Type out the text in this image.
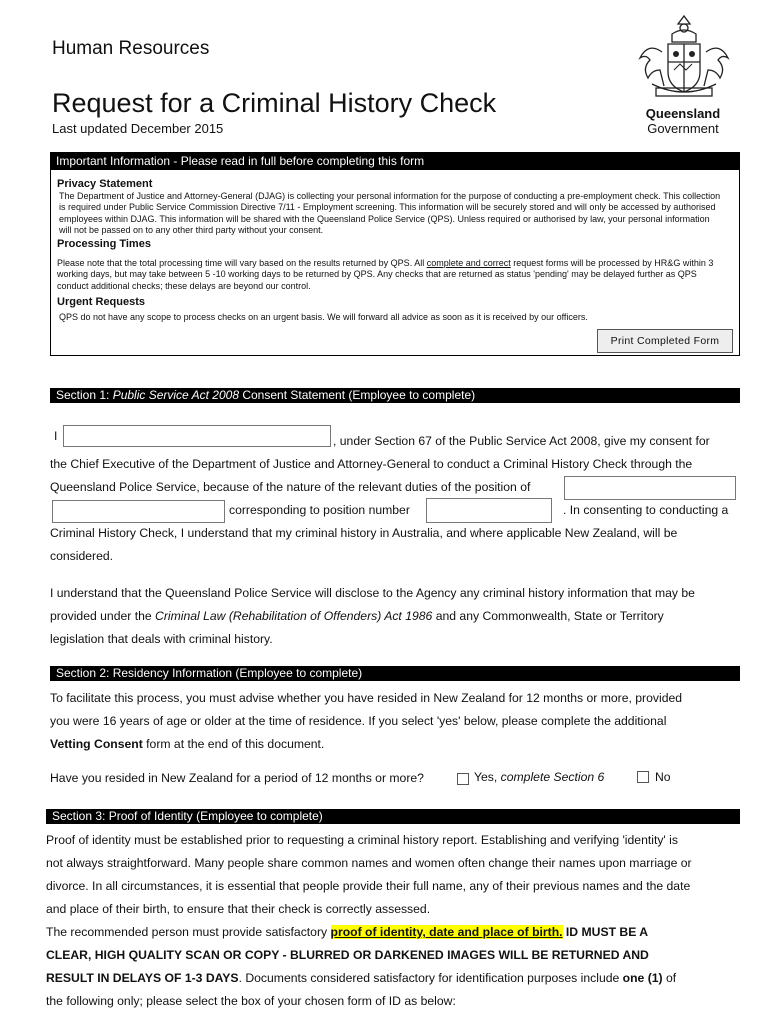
Human Resources
Request for a Criminal History Check
Last updated December 2015
Queensland
Government
Important Information - Please read in full before completing this form
Privacy Statement
The Department of Justice and Attorney-General (DJAG) is collecting your personal information for the purpose of conducting a pre-employment check. This collection is required under Public Service Commission Directive 7/11 - Employment screening. This information will be securely stored and will only be accessed by authorised employees within DJAG. This information will be shared with the Queensland Police Service (QPS). Unless required or authorised by law, your personal information will not be passed on to any other third party without your consent.
Processing Times
Please note that the total processing time will vary based on the results returned by QPS. All complete and correct request forms will be processed by HR&G within 3 working days, but may take between 5 -10 working days to be returned by QPS. Any checks that are returned as status 'pending' may be delayed further as QPS conduct additional checks; these delays are beyond our control.
Urgent Requests
QPS do not have any scope to process checks on an urgent basis. We will forward all advice as soon as it is received by our officers.
Print Completed Form
Section 1: Public Service Act 2008 Consent Statement (Employee to complete)
I	, under Section 67 of the Public Service Act 2008, give my consent for
the Chief Executive of the Department of Justice and Attorney-General to conduct a Criminal History Check through the
Queensland Police Service, because of the nature of the relevant duties of the position of
corresponding to position number	. In consenting to conducting a
Criminal History Check, I understand that my criminal history in Australia, and where applicable New Zealand, will be
considered.
I understand that the Queensland Police Service will disclose to the Agency any criminal history information that may be
provided under the Criminal Law (Rehabilitation of Offenders) Act 1986 and any Commonwealth, State or Territory
legislation that deals with criminal history.
Section 2: Residency Information (Employee to complete)
To facilitate this process, you must advise whether you have resided in New Zealand for 12 months or more, provided
you were 16 years of age or older at the time of residence. If you select 'yes' below, please complete the additional
Vetting Consent form at the end of this document.
Have you resided in New Zealand for a period of 12 months or more?	Yes, complete Section 6	No
Section 3: Proof of Identity (Employee to complete)
Proof of identity must be established prior to requesting a criminal history report. Establishing and verifying 'identity' is
not always straightforward. Many people share common names and women often change their names upon marriage or
divorce. In all circumstances, it is essential that people provide their full name, any of their previous names and the date
and place of their birth, to ensure that their check is correctly assessed.
The recommended person must provide satisfactory proof of identity, date and place of birth. ID MUST BE A
CLEAR, HIGH QUALITY SCAN OR COPY - BLURRED OR DARKENED IMAGES WILL BE RETURNED AND
RESULT IN DELAYS OF 1-3 DAYS. Documents considered satisfactory for identification purposes include one (1) of
the following only; please select the box of your chosen form of ID as below:
